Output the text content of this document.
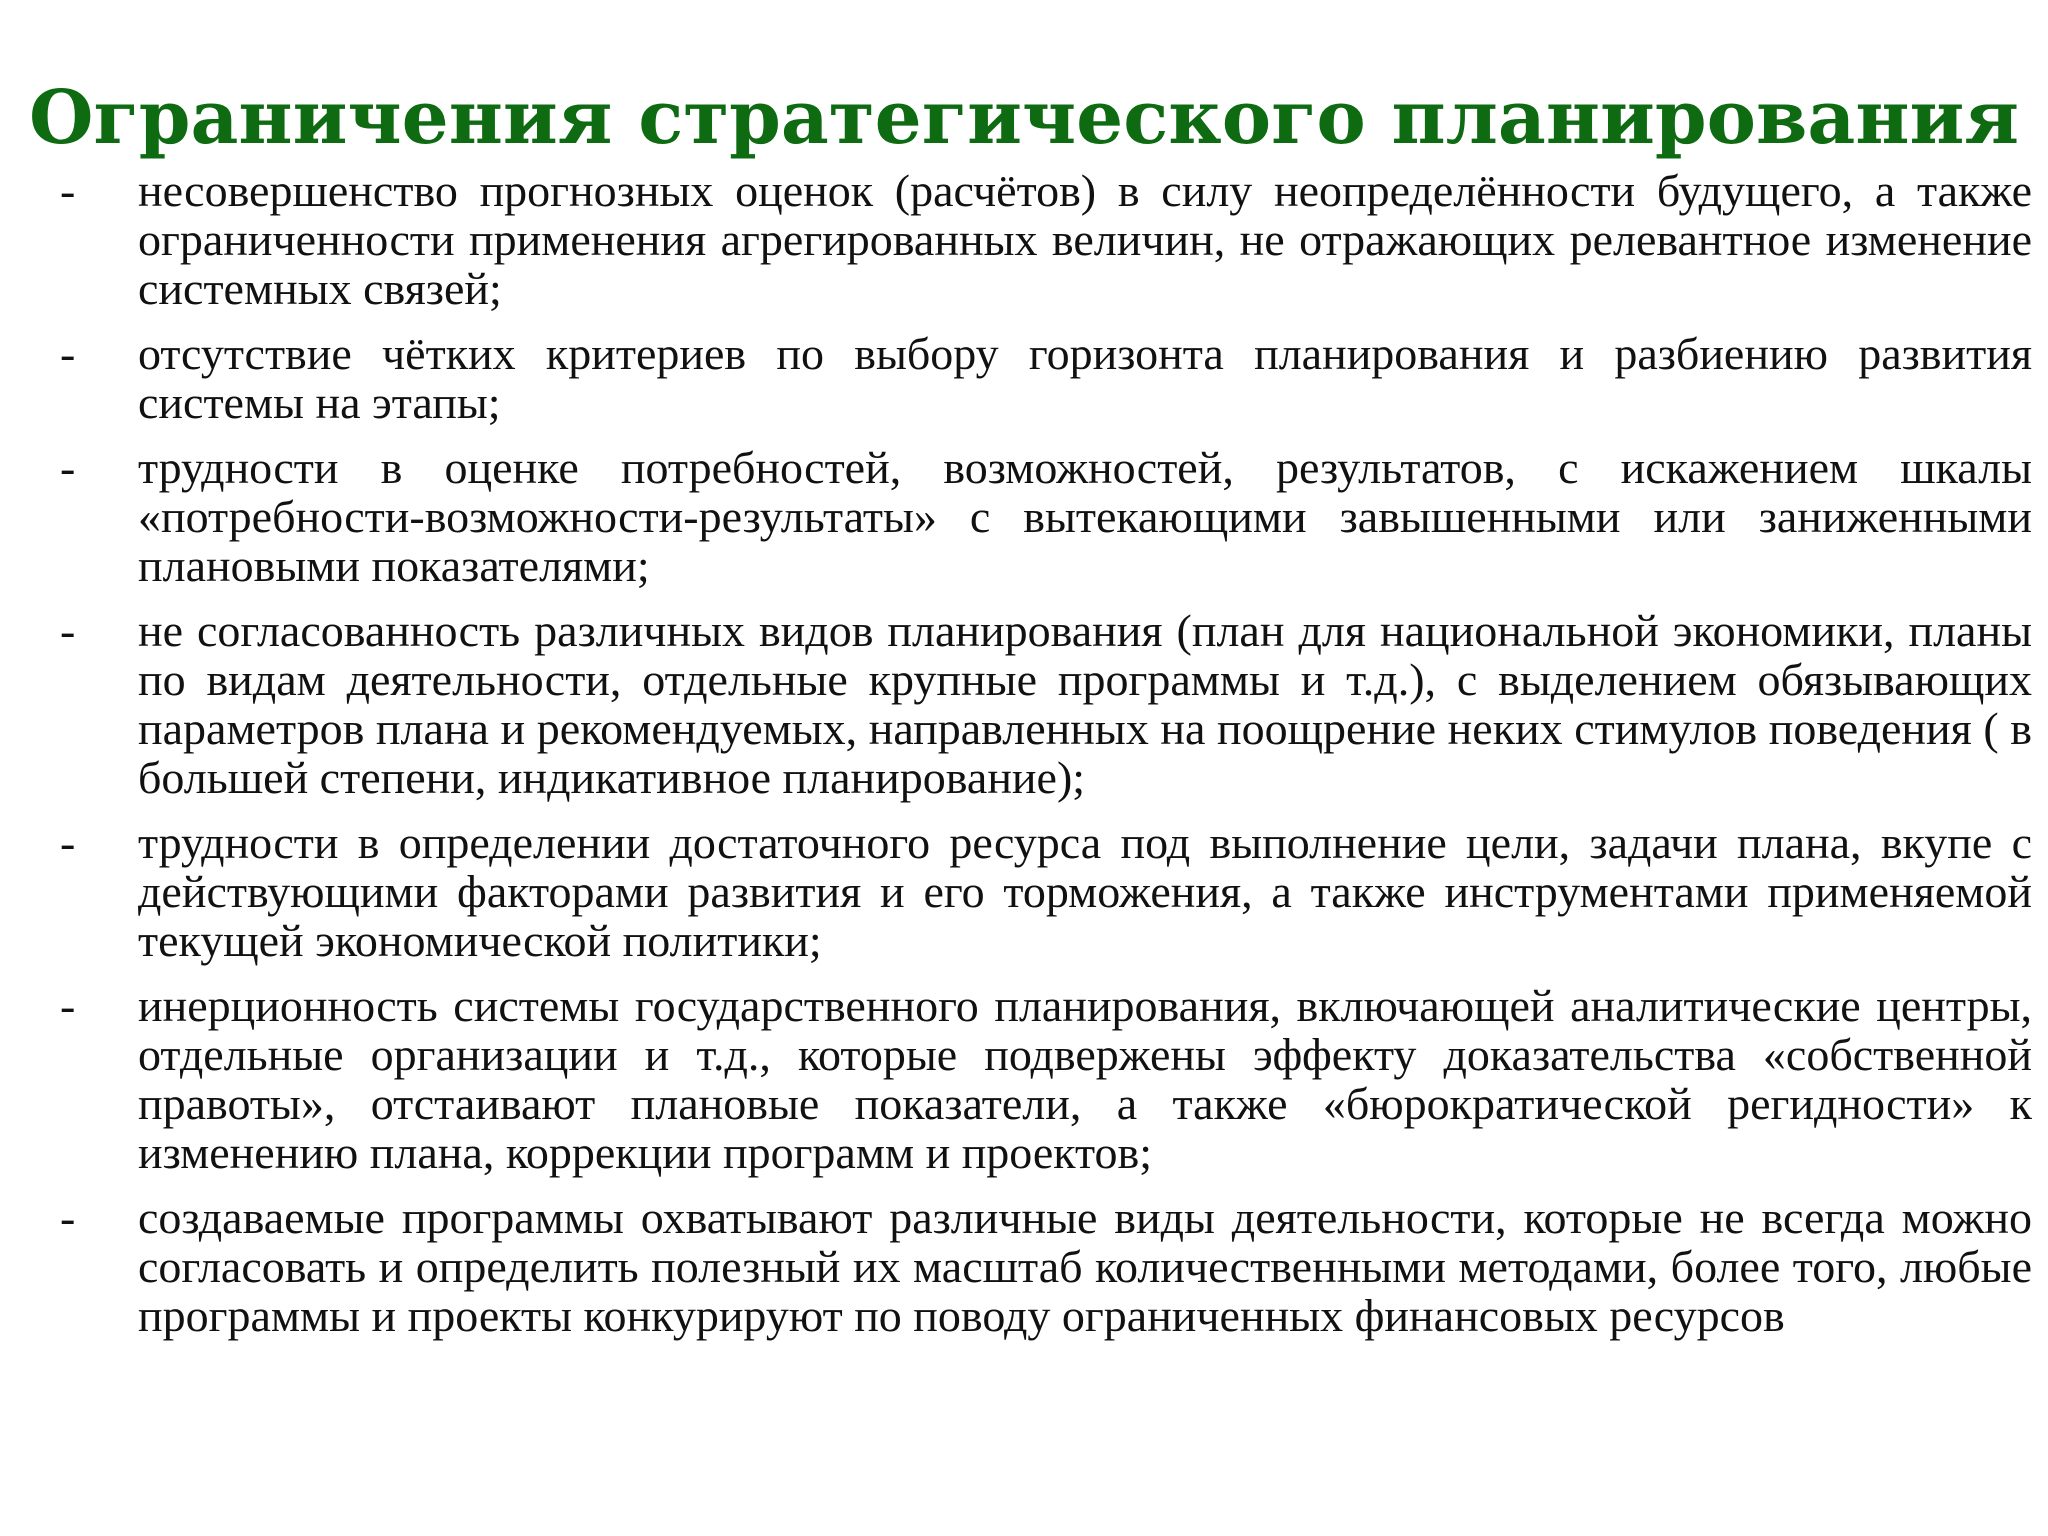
Ограничения стратегического планирования
-	несовершенство прогнозных оценок (расчётов) в силу неопределённости будущего, а также ограниченности применения агрегированных величин, не отражающих релевантное изменение системных связей;
-	отсутствие чётких критериев по выбору горизонта планирования и разбиению развития системы на этапы;
-	трудности в оценке потребностей, возможностей, результатов, с искажением шкалы «потребности-возможности-результаты» с вытекающими завышенными или заниженными плановыми показателями;
-	не согласованность различных видов планирования (план для национальной экономики, планы по видам деятельности, отдельные крупные программы и т.д.), с выделением обязывающих параметров плана и рекомендуемых, направленных на поощрение неких стимулов поведения ( в большей степени, индикативное планирование);
-	трудности в определении достаточного ресурса под выполнение цели, задачи плана, вкупе с действующими факторами развития и его торможения, а также инструментами применяемой текущей экономической политики;
-	инерционность системы государственного планирования, включающей аналитические центры, отдельные организации и т.д., которые подвержены эффекту доказательства «собственной правоты», отстаивают плановые показатели, а также «бюрократической регидности» к изменению плана, коррекции программ и проектов;
-	создаваемые программы охватывают различные виды деятельности, которые не всегда можно согласовать и определить полезный их масштаб количественными методами, более того, любые программы и проекты конкурируют по поводу ограниченных финансовых ресурсов
